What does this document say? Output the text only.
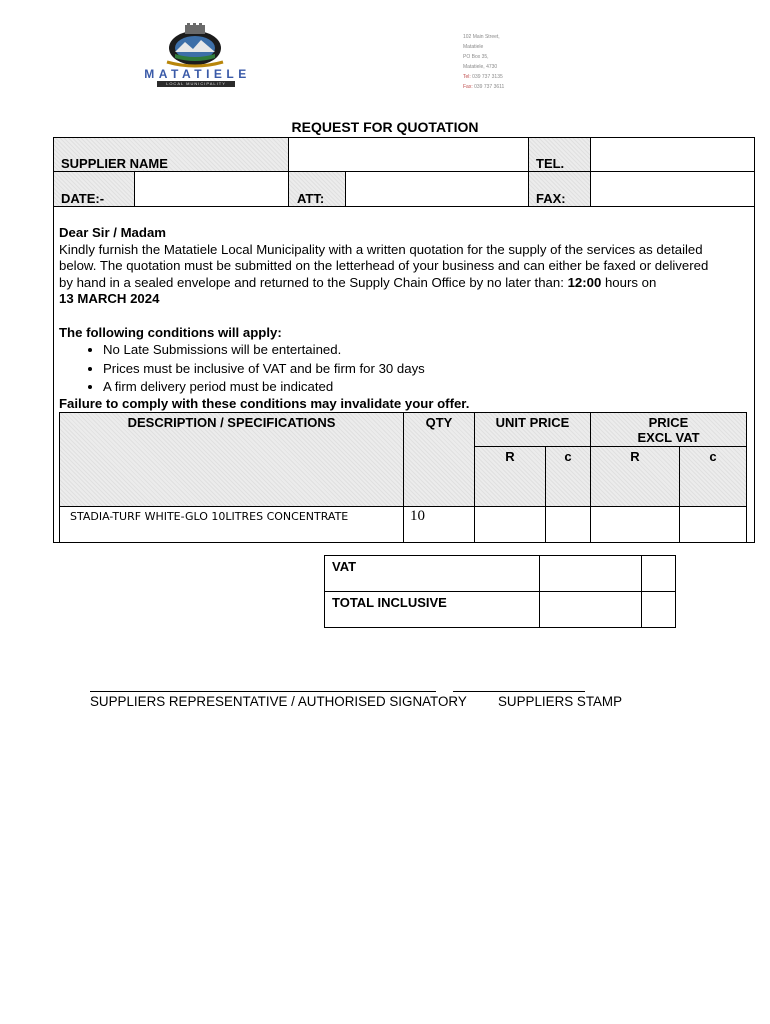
MATATIELE
LOCAL MUNICIPALITY
102 Main Street,
Matatiele
PO Box 35,
Matatiele, 4730
Tel: 039 737 3135
Fax: 039 737 3611
REQUEST FOR QUOTATION
SUPPLIER NAME	TEL.
DATE:-	ATT:	FAX:
Dear Sir / Madam
Kindly furnish the Matatiele Local Municipality with a written quotation for the supply of the services as detailed
below. The quotation must be submitted on the letterhead of your business and can either be faxed or delivered
by hand in a sealed envelope and returned to the Supply Chain Office by no later than: 12:00 hours on
13 MARCH 2024
The following conditions will apply:
• No Late Submissions will be entertained.
• Prices must be inclusive of VAT and be firm for 30 days
• A firm delivery period must be indicated
Failure to comply with these conditions may invalidate your offer.
DESCRIPTION / SPECIFICATIONS	QTY	UNIT PRICE	PRICE
EXCL VAT
R	c	R	c
STADIA-TURF WHITE-GLO 10LITRES CONCENTRATE	10
VAT
TOTAL INCLUSIVE
SUPPLIERS REPRESENTATIVE / AUTHORISED SIGNATORY SUPPLIERS STAMP
